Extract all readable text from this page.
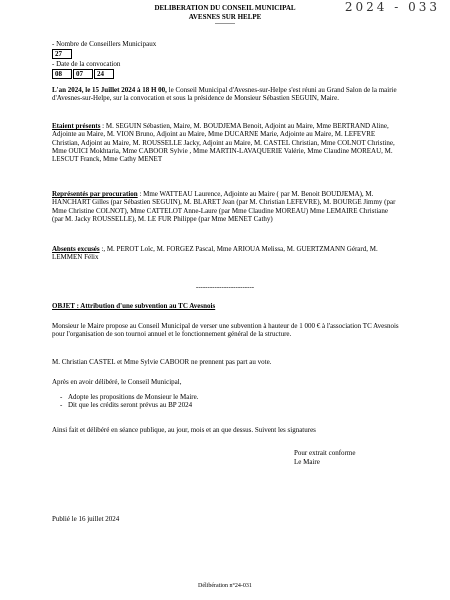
DELIBERATION DU CONSEIL MUNICIPAL
AVESNES SUR HELPE
----------
2024 - 033
- Nombre de Conseillers Municipaux
27
- Date de la convocation
08 07 24
L'an 2024, le 15 Juillet 2024 à 18 H 00, le Conseil Municipal d'Avesnes-sur-Helpe s'est réuni au Grand Salon de la mairie d'Avesnes-sur-Helpe, sur la convocation et sous la présidence de Monsieur Sébastien SEGUIN, Maire.
Etaient présents : M. SEGUIN Sébastien, Maire, M. BOUDJEMA Benoit, Adjoint au Maire, Mme BERTRAND Aline, Adjointe au Maire, M. VION Bruno, Adjoint au Maire, Mme DUCARNE Marie, Adjointe au Maire, M. LEFEVRE Christian, Adjoint au Maire, M. ROUSSELLE Jacky, Adjoint au Maire, M. CASTEL Christian, Mme COLNOT Christine, Mme OUICI Mokhtaria, Mme CABOOR Sylvie , Mme MARTIN-LAVAQUERIE Valérie, Mme Claudine MOREAU, M. LESCUT Franck, Mme Cathy MENET
Représentés par procuration : Mme WATTEAU Laurence, Adjointe au Maire ( par M. Benoit BOUDJEMA), M. HANCHART Gilles (par Sébastien SEGUIN), M. BLARET Jean (par M. Christian LEFEVRE), M. BOURGE Jimmy (par Mme Christine COLNOT), Mme CATTELOT Anne-Laure (par Mme Claudine MOREAU) Mme LEMAIRE Christiane (par M. Jacky ROUSSELLE), M. LE FUR Philippe (par Mme MENET Cathy)
Absents excusés :, M. PEROT Loïc, M. FORGEZ Pascal, Mme ARIOUA Melissa, M. GUERTZMANN Gérard, M. LEMMEN Félix
-------------------------
OBJET : Attribution d'une subvention au TC Avesnois
Monsieur le Maire propose au Conseil Municipal de verser une subvention à hauteur de 1 000 € à l'association TC Avesnois pour l'organisation de son tournoi annuel et le fonctionnement général de la structure.
M. Christian CASTEL et Mme Sylvie CABOOR ne prennent pas part au vote.
Après en avoir délibéré, le Conseil Municipal,
- Adopte les propositions de Monsieur le Maire.
- Dit que les crédits seront prévus au BP 2024
Ainsi fait et délibéré en séance publique, au jour, mois et an que dessus. Suivent les signatures
Pour extrait conforme
Le Maire
Publié le 16 juillet 2024
Délibération n°24-031
